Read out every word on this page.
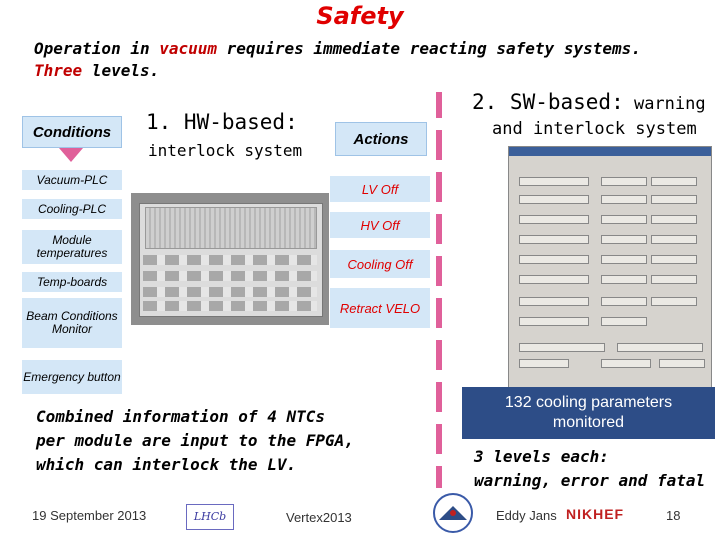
Safety
Operation in vacuum requires immediate reacting safety systems.
Three levels.
Conditions	1. HW-based:
interlock system
Actions
2. SW-based: warning
and interlock system
Vacuum-PLC
Cooling-PLC
Module temperatures
Temp-boards
Beam Conditions Monitor
Emergency button
LV Off
HV Off
Cooling Off
Retract VELO
132 cooling parameters
monitored
3 levels each:
warning, error and fatal
Combined information of 4 NTCs
per module are input to the FPGA,
which can interlock the LV.
19 September 2013	LHCb	Vertex2013	Eddy Jans NIKHEF	18
